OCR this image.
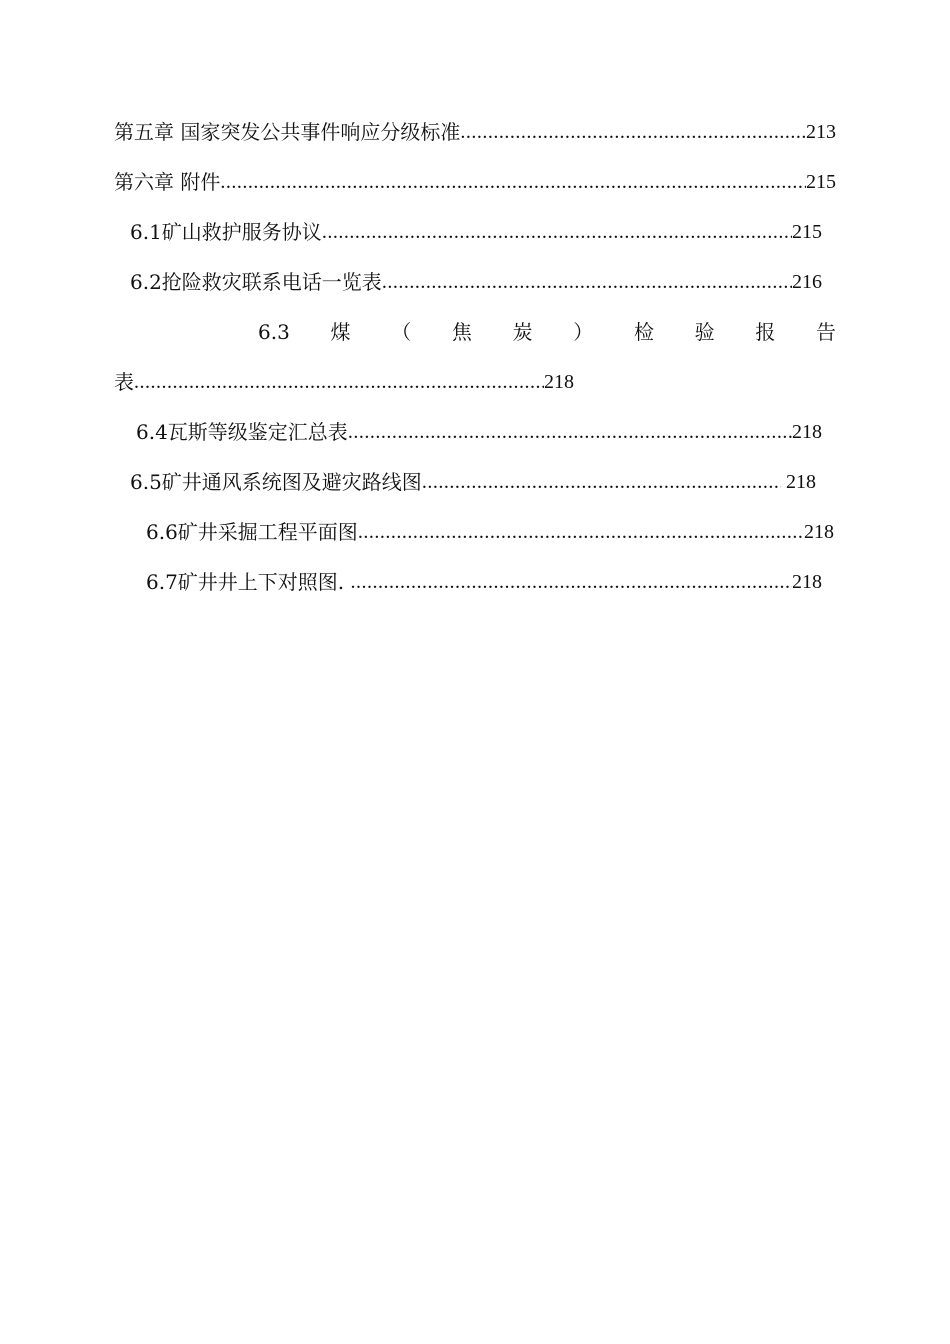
第五章 国家突发公共事件响应分级标准 .....	213
第六章 附件 .....	215
6.1矿山救护服务协议 .....	215
6.2抢险救灾联系电话一览表 .....	216
6.3 煤 （ 焦 炭 ） 检 验 报 告
表 .....	218
6.4瓦斯等级鉴定汇总表 .....	218
6.5矿井通风系统图及避灾路线图 .....	218
6.6矿井采掘工程平面图 .....	218
6.7矿井井上下对照图. .....	218
